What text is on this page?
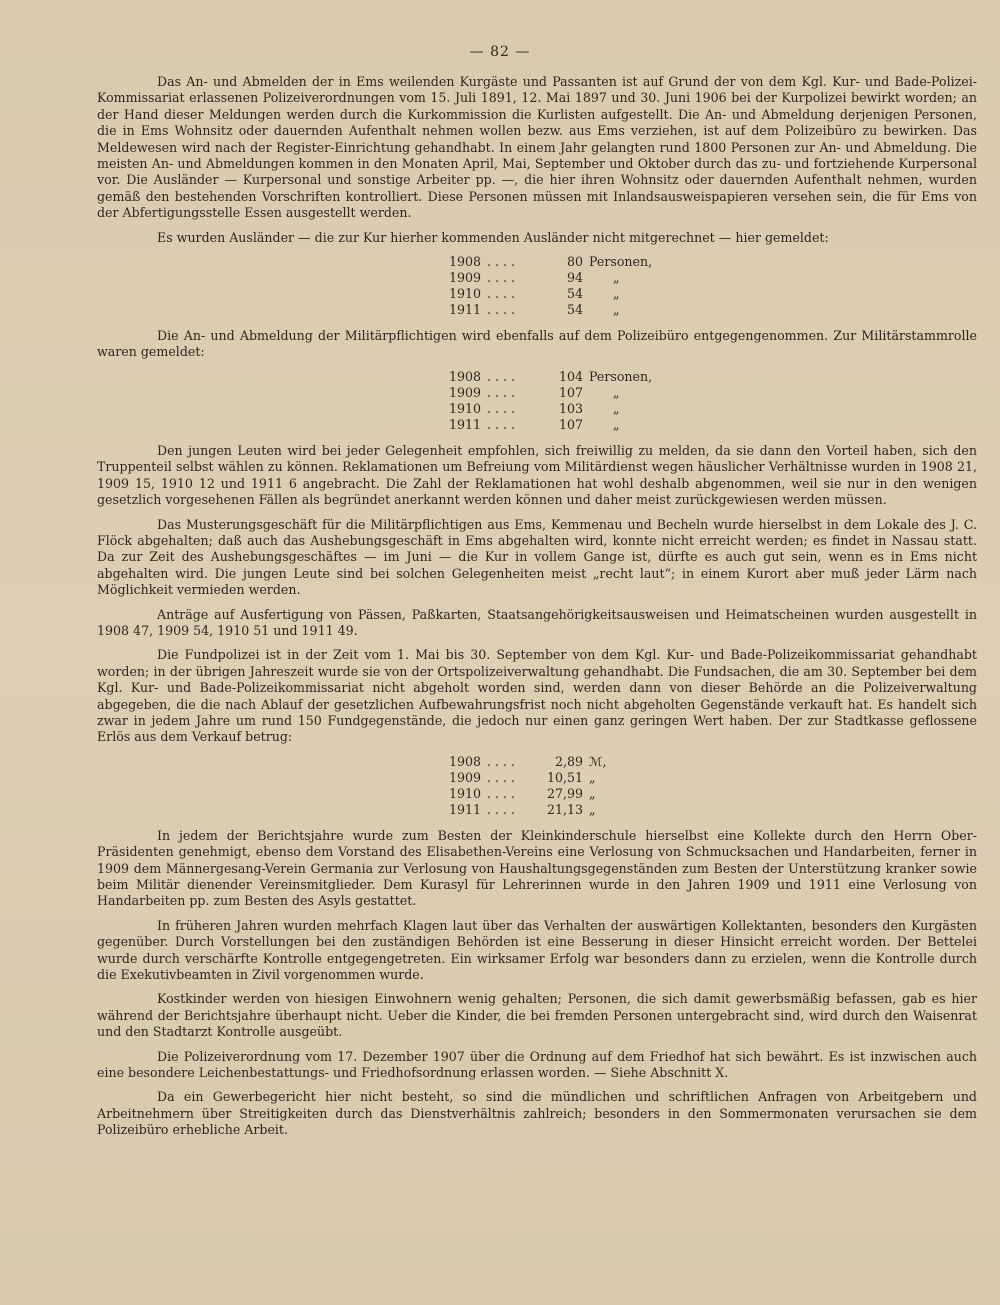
— 82 —

Das An- und Abmelden der in Ems weilenden Kurgäste und Passanten ist auf Grund der von dem Kgl. Kur- und Bade-Polizei-Kommissariat erlassenen Polizeiverordnungen vom 15. Juli 1891, 12. Mai 1897 und 30. Juni 1906 bei der Kurpolizei bewirkt worden; an der Hand dieser Meldungen werden durch die Kurkommission die Kurlisten aufgestellt. Die An- und Abmeldung derjenigen Personen, die in Ems Wohnsitz oder dauernden Aufenthalt nehmen wollen bezw. aus Ems verziehen, ist auf dem Polizeibüro zu bewirken. Das Meldewesen wird nach der Register-Einrichtung gehandhabt. In einem Jahr gelangten rund 1800 Personen zur An- und Abmeldung. Die meisten An- und Abmeldungen kommen in den Monaten April, Mai, September und Oktober durch das zu- und fortziehende Kurpersonal vor. Die Ausländer — Kurpersonal und sonstige Arbeiter pp. —, die hier ihren Wohnsitz oder dauernden Aufenthalt nehmen, wurden gemäß den bestehenden Vorschriften kontrolliert. Diese Personen müssen mit Inlandsausweispapieren versehen sein, die für Ems von der Abfertigungsstelle Essen ausgestellt werden.

Es wurden Ausländer — die zur Kur hierher kommenden Ausländer nicht mitgerechnet — hier gemeldet:

1908	....	80	Personen,
1909	....	94	„
1910	....	54	„
1911	....	54	„

Die An- und Abmeldung der Militärpflichtigen wird ebenfalls auf dem Polizeibüro entgegengenommen. Zur Militärstammrolle waren gemeldet:

1908	....	104	Personen,
1909	....	107	„
1910	....	103	„
1911	....	107	„

Den jungen Leuten wird bei jeder Gelegenheit empfohlen, sich freiwillig zu melden, da sie dann den Vorteil haben, sich den Truppenteil selbst wählen zu können. Reklamationen um Befreiung vom Militärdienst wegen häuslicher Verhältnisse wurden in 1908 21, 1909 15, 1910 12 und 1911 6 angebracht. Die Zahl der Reklamationen hat wohl deshalb abgenommen, weil sie nur in den wenigen gesetzlich vorgesehenen Fällen als begründet anerkannt werden können und daher meist zurückgewiesen werden müssen.

Das Musterungsgeschäft für die Militärpflichtigen aus Ems, Kemmenau und Becheln wurde hierselbst in dem Lokale des J. C. Flöck abgehalten; daß auch das Aushebungsgeschäft in Ems abgehalten wird, konnte nicht erreicht werden; es findet in Nassau statt. Da zur Zeit des Aushebungsgeschäftes — im Juni — die Kur in vollem Gange ist, dürfte es auch gut sein, wenn es in Ems nicht abgehalten wird. Die jungen Leute sind bei solchen Gelegenheiten meist „recht laut“; in einem Kurort aber muß jeder Lärm nach Möglichkeit vermieden werden.

Anträge auf Ausfertigung von Pässen, Paßkarten, Staatsangehörigkeitsausweisen und Heimatscheinen wurden ausgestellt in 1908 47, 1909 54, 1910 51 und 1911 49.

Die Fundpolizei ist in der Zeit vom 1. Mai bis 30. September von dem Kgl. Kur- und Bade-Polizeikommissariat gehandhabt worden; in der übrigen Jahreszeit wurde sie von der Ortspolizeiverwaltung gehandhabt. Die Fundsachen, die am 30. September bei dem Kgl. Kur- und Bade-Polizeikommissariat nicht abgeholt worden sind, werden dann von dieser Behörde an die Polizeiverwaltung abgegeben, die die nach Ablauf der gesetzlichen Aufbewahrungsfrist noch nicht abgeholten Gegenstände verkauft hat. Es handelt sich zwar in jedem Jahre um rund 150 Fundgegenstände, die jedoch nur einen ganz geringen Wert haben. Der zur Stadtkasse geflossene Erlös aus dem Verkauf betrug:

1908	....	2,89	ℳ,
1909	....	10,51	„
1910	....	27,99	„
1911	....	21,13	„

In jedem der Berichtsjahre wurde zum Besten der Kleinkinderschule hierselbst eine Kollekte durch den Herrn Ober-Präsidenten genehmigt, ebenso dem Vorstand des Elisabethen-Vereins eine Verlosung von Schmucksachen und Handarbeiten, ferner in 1909 dem Männergesang-Verein Germania zur Verlosung von Haushaltungsgegenständen zum Besten der Unterstützung kranker sowie beim Militär dienender Vereinsmitglieder. Dem Kurasyl für Lehrerinnen wurde in den Jahren 1909 und 1911 eine Verlosung von Handarbeiten pp. zum Besten des Asyls gestattet.

In früheren Jahren wurden mehrfach Klagen laut über das Verhalten der auswärtigen Kollektanten, besonders den Kurgästen gegenüber. Durch Vorstellungen bei den zuständigen Behörden ist eine Besserung in dieser Hinsicht erreicht worden. Der Bettelei wurde durch verschärfte Kontrolle entgegengetreten. Ein wirksamer Erfolg war besonders dann zu erzielen, wenn die Kontrolle durch die Exekutivbeamten in Zivil vorgenommen wurde.

Kostkinder werden von hiesigen Einwohnern wenig gehalten; Personen, die sich damit gewerbsmäßig befassen, gab es hier während der Berichtsjahre überhaupt nicht. Ueber die Kinder, die bei fremden Personen untergebracht sind, wird durch den Waisenrat und den Stadtarzt Kontrolle ausgeübt.

Die Polizeiverordnung vom 17. Dezember 1907 über die Ordnung auf dem Friedhof hat sich bewährt. Es ist inzwischen auch eine besondere Leichenbestattungs- und Friedhofsordnung erlassen worden. — Siehe Abschnitt X.

Da ein Gewerbegericht hier nicht besteht, so sind die mündlichen und schriftlichen Anfragen von Arbeitgebern und Arbeitnehmern über Streitigkeiten durch das Dienstverhältnis zahlreich; besonders in den Sommermonaten verursachen sie dem Polizeibüro erhebliche Arbeit.
